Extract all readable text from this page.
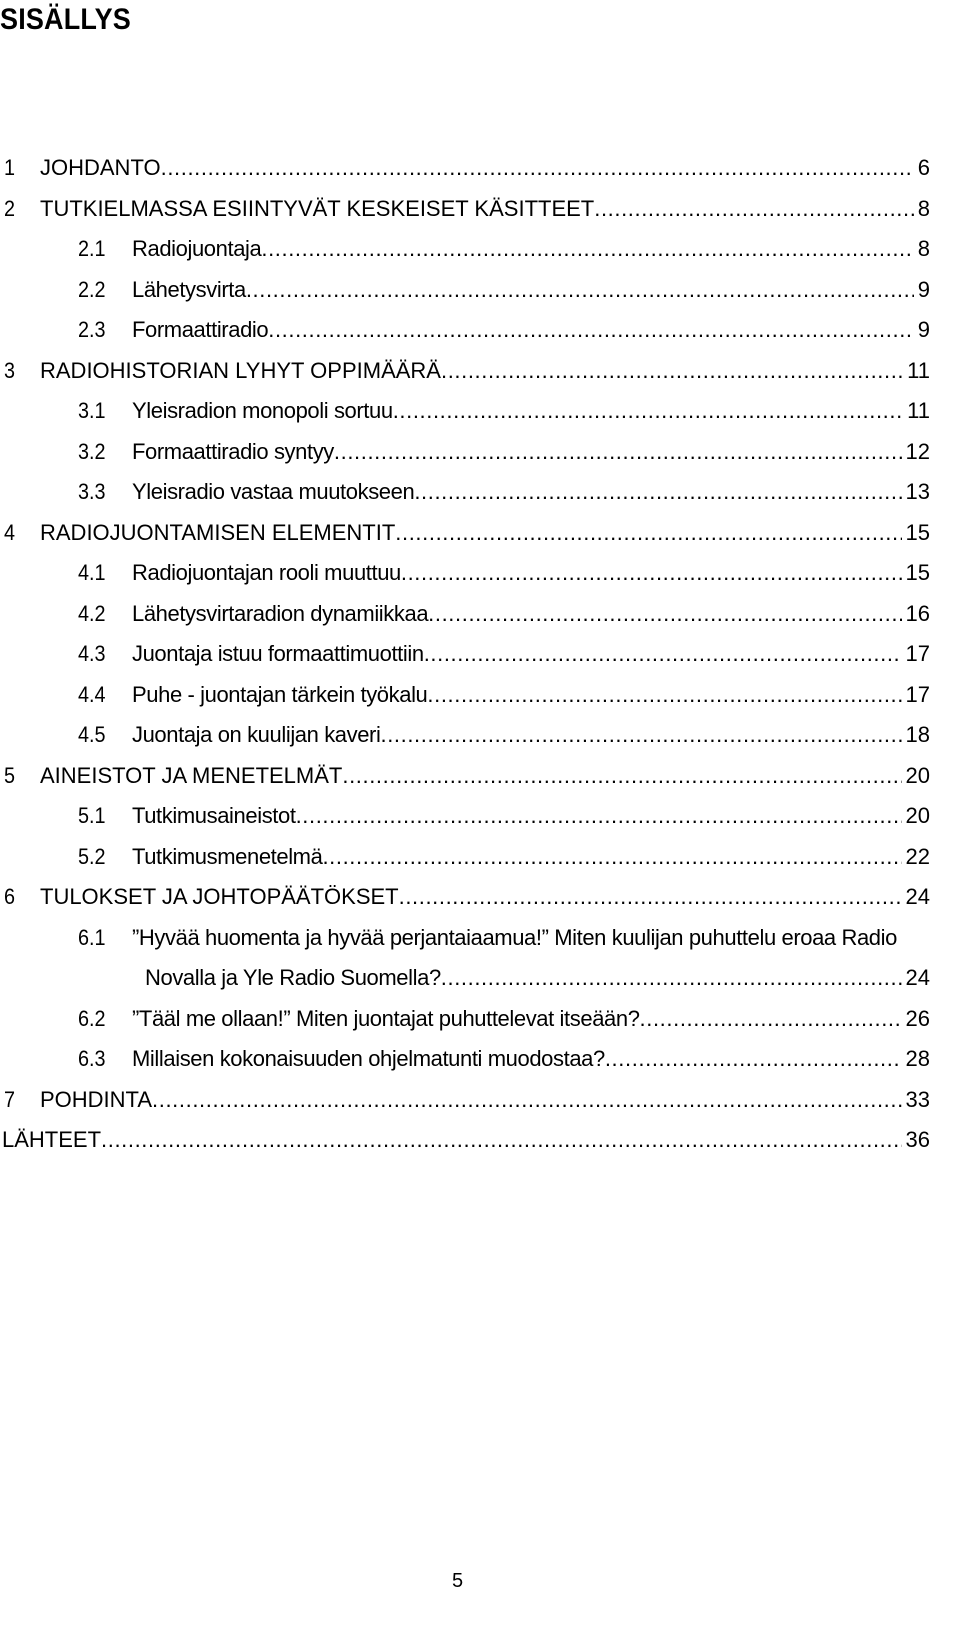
SISÄLLYS
1 JOHDANTO .....	6
2 TUTKIELMASSA ESIINTYVÄT KESKEISET KÄSITTEET .....	8
2.1 Radiojuontaja .....	8
2.2 Lähetysvirta .....	9
2.3 Formaattiradio .....	9
3 RADIOHISTORIAN LYHYT OPPIMÄÄRÄ .....	11
3.1 Yleisradion monopoli sortuu .....	11
3.2 Formaattiradio syntyy .....	12
3.3 Yleisradio vastaa muutokseen .....	13
4 RADIOJUONTAMISEN ELEMENTIT .....	15
4.1 Radiojuontajan rooli muuttuu .....	15
4.2 Lähetysvirtaradion dynamiikkaa .....	16
4.3 Juontaja istuu formaattimuottiin .....	17
4.4 Puhe - juontajan tärkein työkalu .....	17
4.5 Juontaja on kuulijan kaveri .....	18
5 AINEISTOT JA MENETELMÄT .....	20
5.1 Tutkimusaineistot .....	20
5.2 Tutkimusmenetelmä .....	22
6 TULOKSET JA JOHTOPÄÄTÖKSET .....	24
6.1 ”Hyvää huomenta ja hyvää perjantaiaamua!” Miten kuulijan puhuttelu eroaa Radio
Novalla ja Yle Radio Suomella? .....	24
6.2 ”Tääl me ollaan!” Miten juontajat puhuttelevat itseään? .....	26
6.3 Millaisen kokonaisuuden ohjelmatunti muodostaa? .....	28
7 POHDINTA .....	33
LÄHTEET .....	36
5
